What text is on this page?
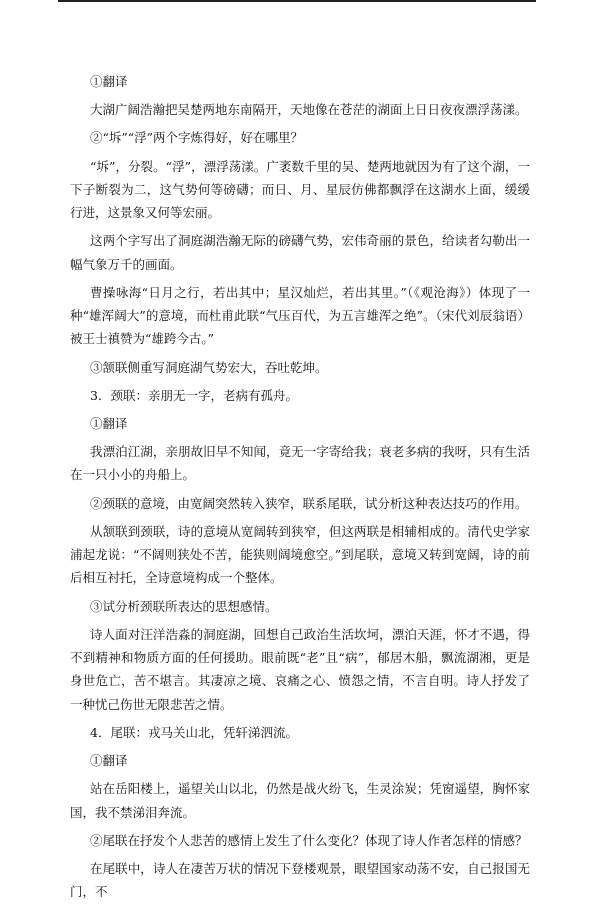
①翻译

大湖广阔浩瀚把吴楚两地东南隔开，天地像在苍茫的湖面上日日夜夜漂浮荡漾。

②“坼”“浮”两个字炼得好，好在哪里？

“坼”，分裂。“浮”，漂浮荡漾。广袤数千里的吴、楚两地就因为有了这个湖，一下子断裂为二，这气势何等磅礴；而日、月、星辰仿佛都飘浮在这湖水上面，缓缓行进，这景象又何等宏丽。

这两个字写出了洞庭湖浩瀚无际的磅礴气势，宏伟奇丽的景色，给读者勾勒出一幅气象万千的画面。

曹操咏海“日月之行，若出其中；星汉灿烂，若出其里。”（《观沧海》）体现了一种“雄浑阔大”的意境，而杜甫此联“气压百代，为五言雄浑之绝”。（宋代刘辰翁语）被王士禛赞为“雄跨今古。”

③颔联侧重写洞庭湖气势宏大，吞吐乾坤。

3．颈联：亲朋无一字，老病有孤舟。

①翻译

我漂泊江湖，亲朋故旧早不知闻，竟无一字寄给我；衰老多病的我呀，只有生活在一只小小的舟船上。

②颈联的意境，由宽阔突然转入狭窄，联系尾联，试分析这种表达技巧的作用。

从颔联到颈联，诗的意境从宽阔转到狭窄，但这两联是相辅相成的。清代史学家浦起龙说：“不阔则狭处不苦，能狭则阔境愈空。”到尾联，意境又转到宽阔，诗的前后相互衬托，全诗意境构成一个整体。

③试分析颈联所表达的思想感情。

诗人面对汪洋浩淼的洞庭湖，回想自己政治生活坎坷，漂泊天涯，怀才不遇，得不到精神和物质方面的任何援助。眼前既“老”且“病”，郁居木船，飘流湖湘，更是身世危亡，苦不堪言。其凄凉之境、哀痛之心、愤怨之情，不言自明。诗人抒发了一种忧己伤世无限悲苦之情。

4．尾联：戎马关山北，凭轩涕泗流。

①翻译

站在岳阳楼上，遥望关山以北，仍然是战火纷飞，生灵涂炭；凭窗遥望，胸怀家国，我不禁涕泪奔流。

②尾联在抒发个人悲苦的感情上发生了什么变化？体现了诗人作者怎样的情感？

在尾联中，诗人在凄苦万状的情况下登楼观景，眼望国家动荡不安，自己报国无门，不
